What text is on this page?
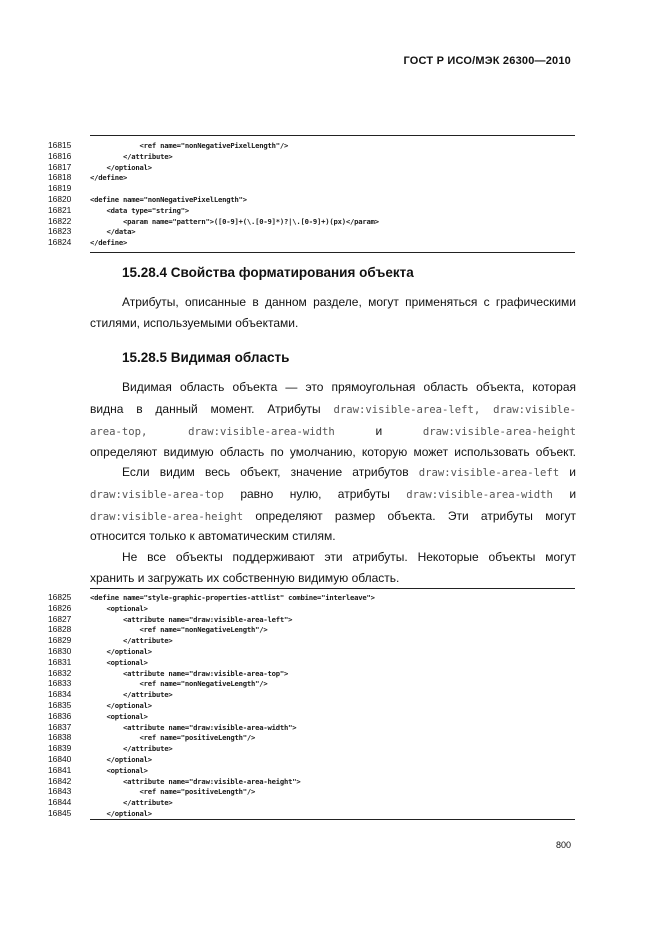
ГОСТ Р ИСО/МЭК 26300—2010
16815	<ref name="nonNegativePixelLength"/>
16816	</attribute>
16817	</optional>
16818	</define>
16819
16820	<define name="nonNegativePixelLength">
16821	<data type="string">
16822	<param name="pattern">([0-9]+(\.[0-9]*)?|\.[0-9]+)(px)</param>
16823	</data>
16824	</define>
15.28.4 Свойства форматирования объекта
Атрибуты, описанные в данном разделе, могут применяться с графическими
стилями, используемыми объектами.
15.28.5 Видимая область
Видимая область объекта — это прямоугольная область объекта, которая
видна в данный момент. Атрибуты draw:visible-area-left, draw:visible-
area-top,	draw:visible-area-width	и	draw:visible-area-height
определяют видимую область по умолчанию, которую может использовать объект.
Если видим весь объект, значение атрибутов draw:visible-area-left и
draw:visible-area-top равно нулю, атрибуты draw:visible-area-width и
draw:visible-area-height определяют размер объекта. Эти атрибуты могут
относится только к автоматическим стилям.
Не все объекты поддерживают эти атрибуты. Некоторые объекты могут
хранить и загружать их собственную видимую область.
16825	<define name="style-graphic-properties-attlist" combine="interleave">
16826	<optional>
16827	<attribute name="draw:visible-area-left">
16828	<ref name="nonNegativeLength"/>
16829	</attribute>
16830	</optional>
16831	<optional>
16832	<attribute name="draw:visible-area-top">
16833	<ref name="nonNegativeLength"/>
16834	</attribute>
16835	</optional>
16836	<optional>
16837	<attribute name="draw:visible-area-width">
16838	<ref name="positiveLength"/>
16839	</attribute>
16840	</optional>
16841	<optional>
16842	<attribute name="draw:visible-area-height">
16843	<ref name="positiveLength"/>
16844	</attribute>
16845	</optional>
800
